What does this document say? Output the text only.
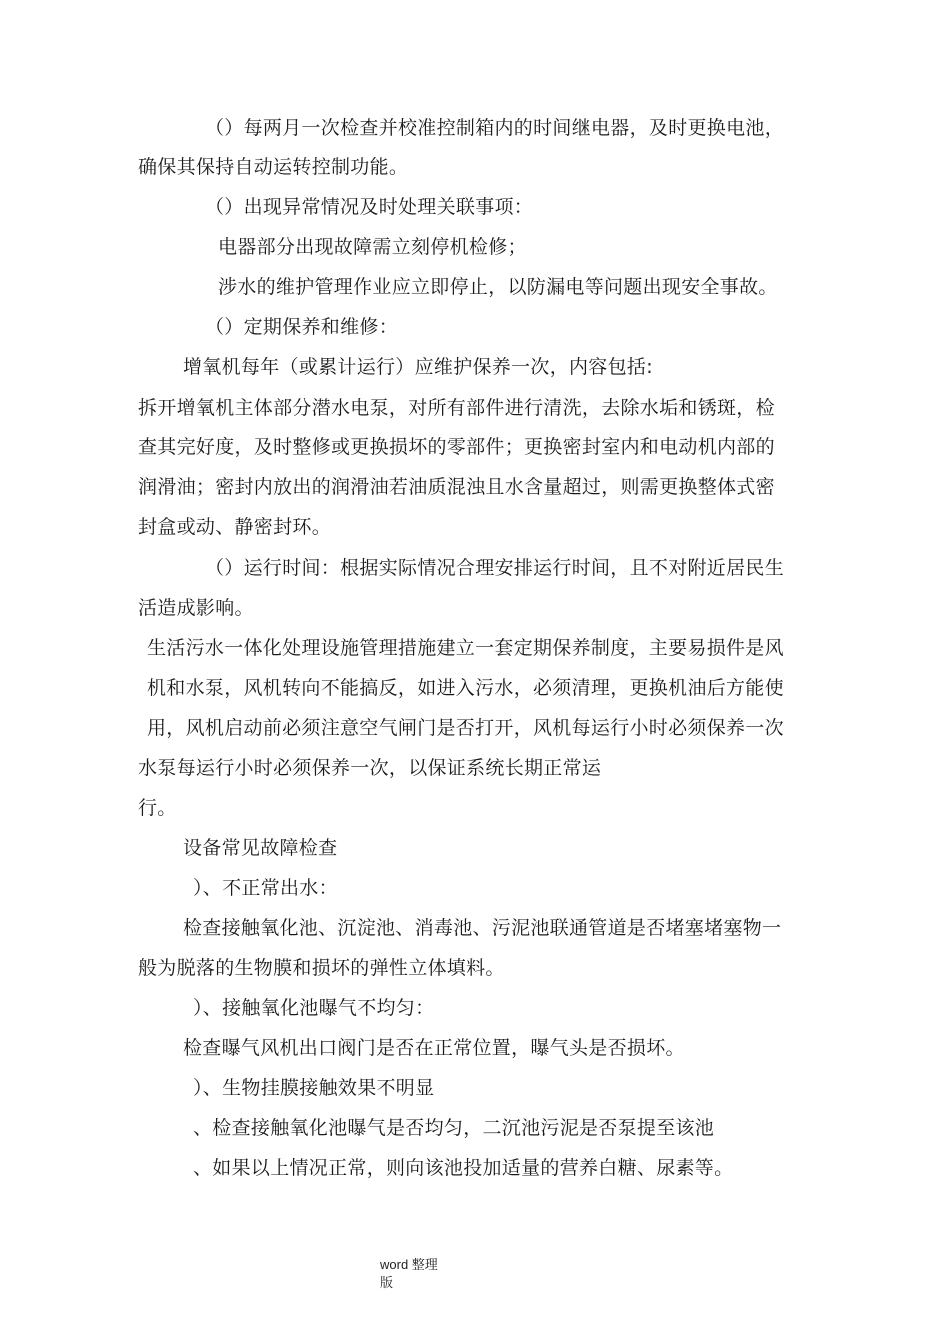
（）每两月一次检查并校准控制箱内的时间继电器，及时更换电池，
确保其保持自动运转控制功能。
（）出现异常情况及时处理关联事项：
电器部分出现故障需立刻停机检修；
涉水的维护管理作业应立即停止，以防漏电等问题出现安全事故。
（）定期保养和维修：
增氧机每年（或累计运行）应维护保养一次，内容包括:
拆开增氧机主体部分潜水电泵，对所有部件进行清洗，去除水垢和锈斑，检
查其完好度，及时整修或更换损坏的零部件；更换密封室内和电动机内部的
润滑油；密封内放出的润滑油若油质混浊且水含量超过，则需更换整体式密
封盒或动、静密封环。
（）运行时间：根据实际情况合理安排运行时间，且不对附近居民生
活造成影响。
生活污水一体化处理设施管理措施建立一套定期保养制度，主要易损件是风
机和水泵，风机转向不能搞反，如进入污水，必须清理，更换机油后方能使
用，风机启动前必须注意空气闸门是否打开，风机每运行小时必须保养一次
水泵每运行小时必须保养一次，以保证系统长期正常运
行。
设备常见故障检查
）、不正常出水：
检查接触氧化池、沉淀池、消毒池、污泥池联通管道是否堵塞堵塞物一
般为脱落的生物膜和损坏的弹性立体填料。
）、接触氧化池曝气不均匀：
检查曝气风机出口阀门是否在正常位置，曝气头是否损坏。
）、生物挂膜接触效果不明显
、检查接触氧化池曝气是否均匀，二沉池污泥是否泵提至该池
、如果以上情况正常，则向该池投加适量的营养白糖、尿素等。
word 整理
版
